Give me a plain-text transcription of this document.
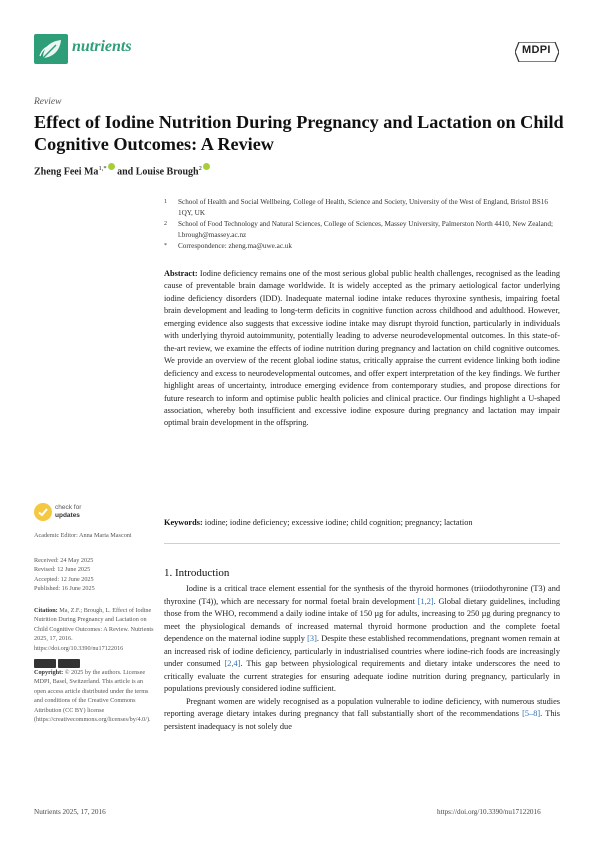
nutrients	MDPI
Review
Effect of Iodine Nutrition During Pregnancy and Lactation on Child Cognitive Outcomes: A Review
Zheng Feei $Ma^{1,*}$ and Louise Brough$^2$
1	School of Health and Social Wellbeing, College of Health, Science and Society, University of the West of England, Bristol BS16 1QY, UK
2	School of Food Technology and Natural Sciences, College of Sciences, Massey University, Palmerston North 4410, New Zealand; l.brough@massey.ac.nz
*	Correspondence: zheng.ma@uwe.ac.uk
Abstract: Iodine deficiency remains one of the most serious global public health challenges, recognised as the leading cause of preventable brain damage worldwide. It is widely accepted as the primary aetiological factor underlying iodine deficiency disorders (IDD). Inadequate maternal iodine intake reduces thyroxine synthesis, impairing foetal brain development and leading to long-term deficits in cognitive function across childhood and adulthood. However, emerging evidence also suggests that excessive iodine intake may disrupt thyroid function, particularly in individuals with underlying thyroid autoimmunity, potentially leading to adverse neurodevelopmental outcomes. In this state-of-the-art review, we examine the effects of iodine nutrition during pregnancy and lactation on child cognitive outcomes. We provide an overview of the recent global iodine status, critically appraise the current evidence linking both iodine deficiency and excess to neurodevelopmental outcomes, and offer expert interpretation of the key findings. We further highlight areas of uncertainty, introduce emerging evidence from contemporary studies, and propose directions for future research to inform and optimise public health policies and clinical practice. Our findings highlight a U-shaped association, whereby both insufficient and excessive iodine exposure during pregnancy and lactation may impair optimal brain development in the offspring.
Keywords: iodine; iodine deficiency; excessive iodine; child cognition; pregnancy; lactation
1. Introduction

Iodine is a critical trace element essential for the synthesis of the thyroid hormones (triiodothyronine (T3) and thyroxine (T4)), which are necessary for normal foetal brain development [1,2]. Global dietary guidelines, including those from the WHO, recommend a daily iodine intake of 150 µg for adults, increasing to 250 µg during pregnancy to meet the physiological demands of increased maternal thyroid hormone production and the complete foetal dependence on the maternal iodine supply [3]. Despite these established recommendations, pregnant women remain at an increased risk of iodine deficiency, particularly in industrialised countries where iodine-rich foods are increasingly under consumed [2,4]. This gap between physiological requirements and dietary intake underscores the need to critically evaluate the current strategies for ensuring adequate iodine nutrition during pregnancy, particularly in populations previously considered iodine sufficient.

Pregnant women are widely recognised as a population vulnerable to iodine deficiency, with numerous studies reporting average dietary intakes during pregnancy that fall substantially short of the recommendations [5–8]. This persistent inadequacy is not solely due

check for
updates
Academic Editor: Anna Maria Masconi
Received: 24 May 2025
Revised: 12 June 2025
Accepted: 12 June 2025
Published: 16 June 2025
Citation: Ma, Z.F.; Brough, L. Effect of Iodine Nutrition During Pregnancy and Lactation on Child Cognitive Outcomes: A Review. Nutrients 2025, 17, 2016. https://doi.org/10.3390/nu17122016
Copyright: © 2025 by the authors. Licensee MDPI, Basel, Switzerland. This article is an open access article distributed under the terms and conditions of the Creative Commons Attribution (CC BY) license (https://creativecommons.org/licenses/by/4.0/).
Nutrients 2025, 17, 2016	https://doi.org/10.3390/nu17122016
